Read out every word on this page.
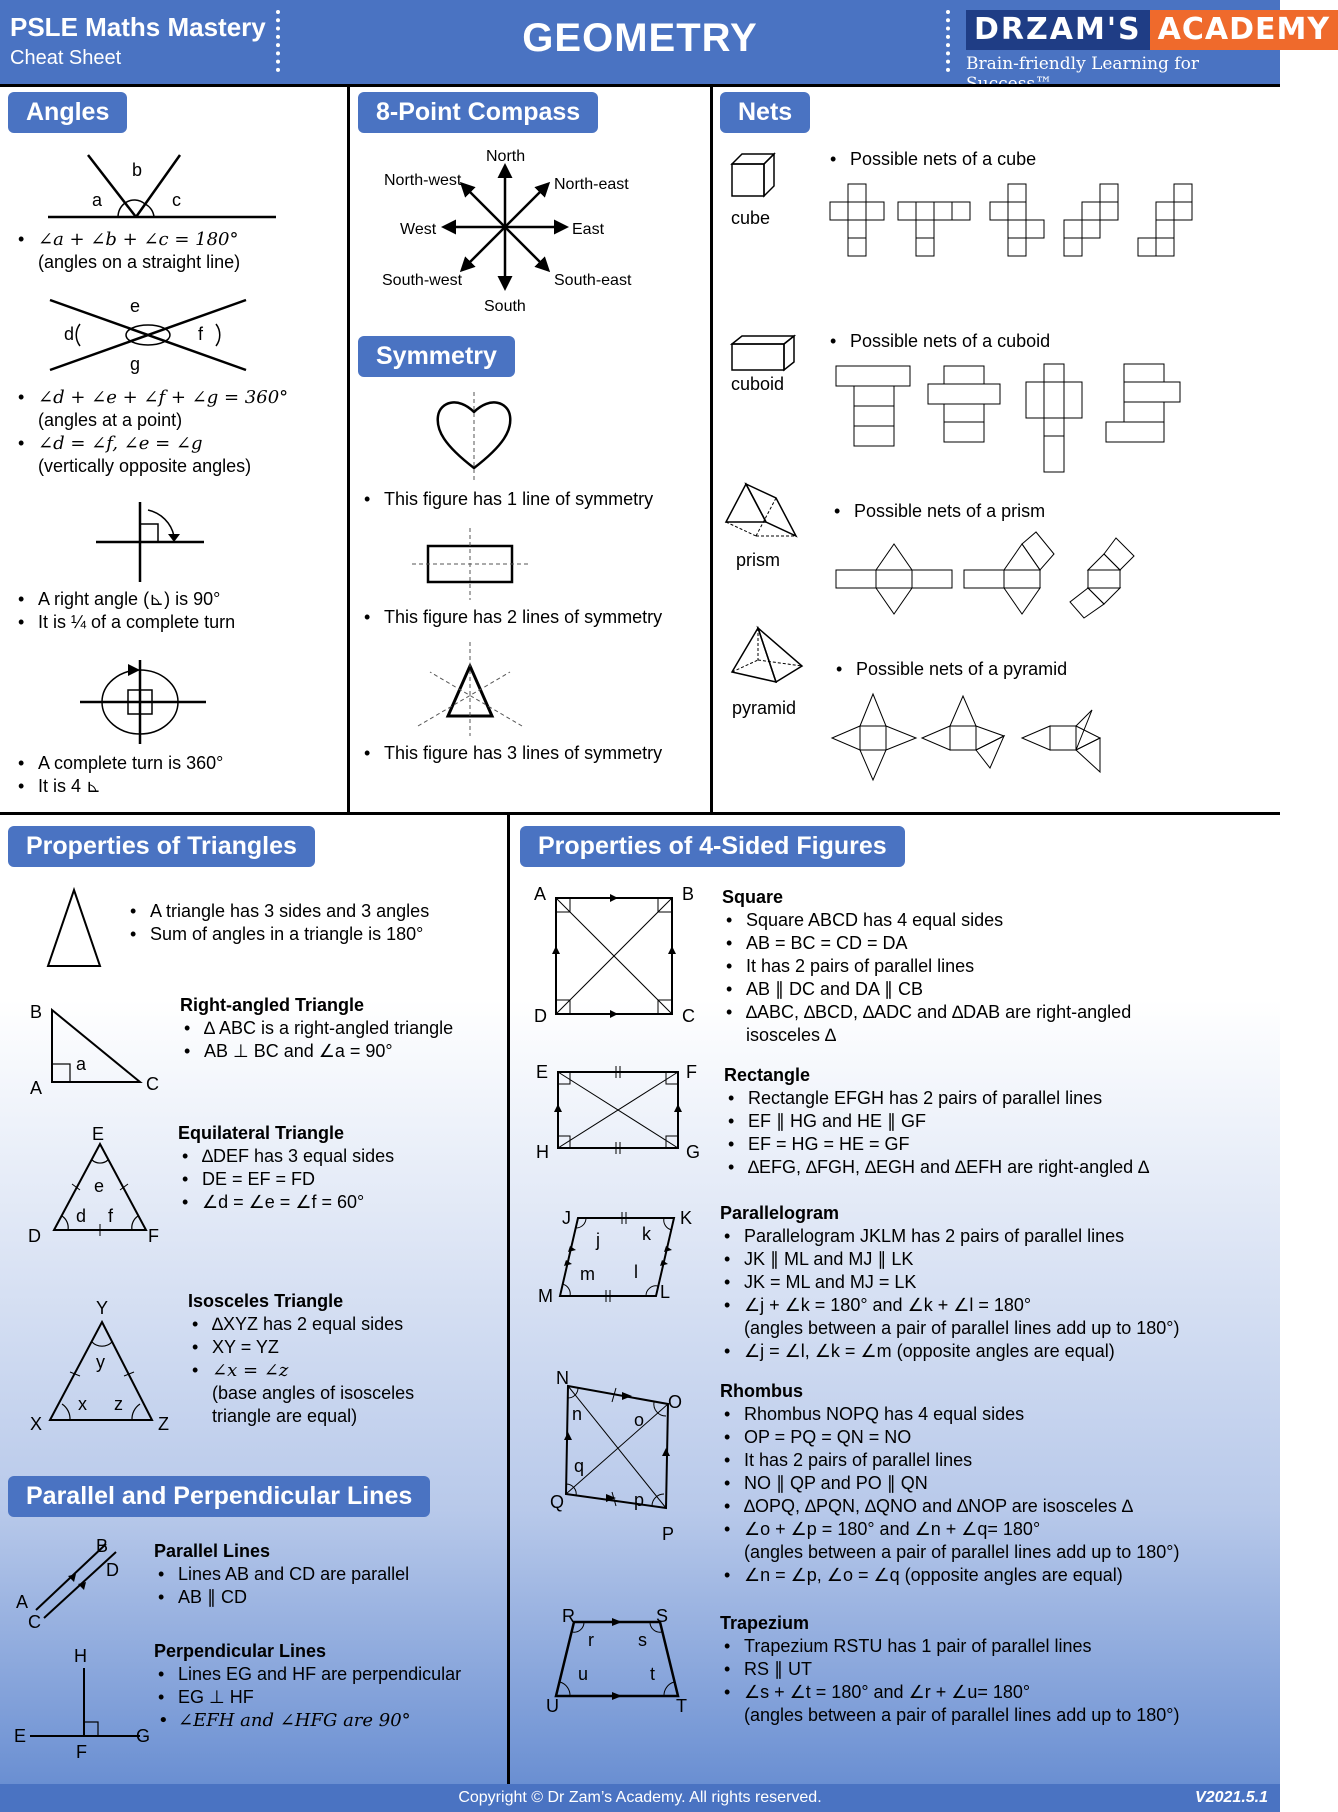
PSLE Maths Mastery
Cheat Sheet	GEOMETRY	DRZAM'S ACADEMY
Brain-friendly Learning for
Angles
a
b
c
• ∠a + ∠b + ∠c = 180°
(angles on a straight line)
e
d	f
g
• ∠d + ∠e + ∠f + ∠g = 360°
(angles at a point)
• ∠d = ∠f, ∠e = ∠g
(vertically opposite angles)
• A right angle (⊾) is 90°
• It is ¼ of a complete turn
• A complete turn is 360°
• It is 4 ⊾
8-Point Compass
North
North-west	North-east
West	East
South-west	South-east
South
Symmetry
• This figure has 1 line of symmetry
• This figure has 2 lines of symmetry
• This figure has 3 lines of symmetry
Nets
cube
• Possible nets of a cube
cuboid
• Possible nets of a cuboid
prism
• Possible nets of a prism
pyramid
• Possible nets of a pyramid
Properties of Triangles
• A triangle has 3 sides and 3 angles
• Sum of angles in a triangle is 180°
B
A	C
a
Right-angled Triangle
• ∆ ABC is a right-angled triangle
• AB ⊥ BC and ∠a = 90°
E
D	F
e
d f
Equilateral Triangle
• ∆DEF has 3 equal sides
• DE = EF = FD
• ∠d = ∠e = ∠f = 60°
Y
X	Z
y
x z
Isosceles Triangle
• ∆XYZ has 2 equal sides
• XY = YZ
• ∠x = ∠z
(base angles of isosceles
triangle are equal)
Parallel and Perpendicular Lines
B
D
A
C
Parallel Lines
• Lines AB and CD are parallel
• AB ∥ CD
H
E	G
F
Perpendicular Lines
• Lines EG and HF are perpendicular
• EG ⊥ HF
• ∠EFH and ∠HFG are 90°
Properties of 4-Sided Figures
A	B
C
D
Square
• Square ABCD has 4 equal sides
• AB = BC = CD = DA
• It has 2 pairs of parallel lines
• AB ∥ DC and DA ∥ CB
• ∆ABC, ∆BCD, ∆ADC and ∆DAB are right-angled
isosceles ∆
E	F
G
H
Rectangle
• Rectangle EFGH has 2 pairs of parallel lines
• EF ∥ HG and HE ∥ GF
• EF = HG = HE = GF
• ∆EFG, ∆FGH, ∆EGH and ∆EFH are right-angled ∆
J	K
L
M
j k
l
m
Parallelogram
• Parallelogram JKLM has 2 pairs of parallel lines
• JK ∥ ML and MJ ∥ LK
• JK = ML and MJ = LK
• ∠j + ∠k = 180° and ∠k + ∠l = 180°
(angles between a pair of parallel lines add up to 180°)
• ∠j = ∠l, ∠k = ∠m (opposite angles are equal)
N
O
P
Q
n	o
p
q
Rhombus
• Rhombus NOPQ has 4 equal sides
• OP = PQ = QN = NO
• It has 2 pairs of parallel lines
• NO ∥ QP and PO ∥ QN
• ∆OPQ, ∆PQN, ∆QNO and ∆NOP are isosceles ∆
• ∠o + ∠p = 180° and ∠n + ∠q= 180°
(angles between a pair of parallel lines add up to 180°)
• ∠n = ∠p, ∠o = ∠q (opposite angles are equal)
R	S
T
U
r s
t
u
Trapezium
• Trapezium RSTU has 1 pair of parallel lines
• RS ∥ UT
• ∠s + ∠t = 180° and ∠r + ∠u= 180°
(angles between a pair of parallel lines add up to 180°)
Copyright © Dr Zam’s Academy. All rights reserved.	V2021.5.1
